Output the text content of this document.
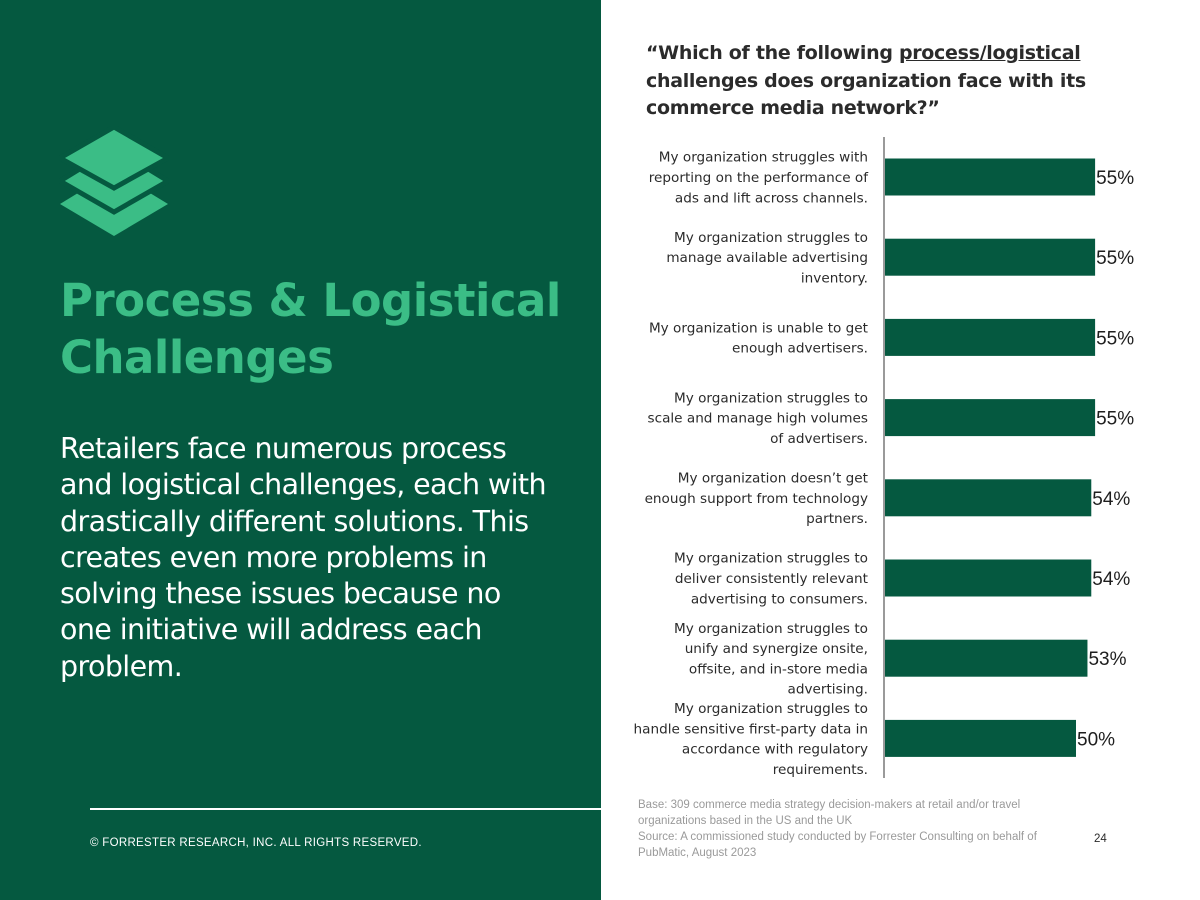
Process & Logistical Challenges

Retailers face numerous process and logistical challenges, each with drastically different solutions. This creates even more problems in solving these issues because no one initiative will address each problem.

© FORRESTER RESEARCH, INC. ALL RIGHTS RESERVED.
“Which of the following process/logistical challenges does organization face with its commerce media network?”
55%
My organization struggles with reporting on the performance of ads and lift across channels.
55%
My organization struggles to manage available advertising inventory.
55%
My organization is unable to get enough advertisers.
55%
My organization struggles to scale and manage high volumes of advertisers.
54%
My organization doesn’t get enough support from technology partners.
54%
My organization struggles to deliver consistently relevant advertising to consumers.
53%
My organization struggles to unify and synergize onsite, offsite, and in-store media advertising.
50%
My organization struggles to handle sensitive first-party data in accordance with regulatory requirements.

Base: 309 commerce media strategy decision-makers at retail and/or travel organizations based in the US and the UK

Source: A commissioned study conducted by Forrester Consulting on behalf of PubMatic, August 2023

24
